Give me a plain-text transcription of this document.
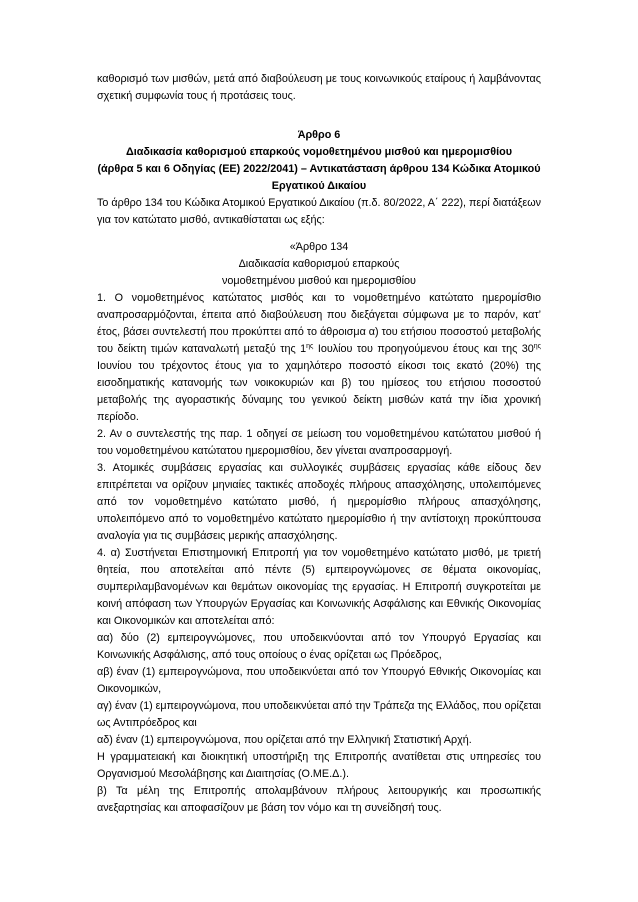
καθορισμό των μισθών, μετά από διαβούλευση με τους κοινωνικούς εταίρους ή λαμβάνοντας
σχετική συμφωνία τους ή προτάσεις τους.
Άρθρο 6
Διαδικασία καθορισμού επαρκούς νομοθετημένου μισθού και ημερομισθίου
(άρθρα 5 και 6 Οδηγίας (ΕΕ) 2022/2041) – Αντικατάσταση άρθρου 134 Κώδικα Ατομικού
Εργατικού Δικαίου
Το άρθρο 134 του Κώδικα Ατομικού Εργατικού Δικαίου (π.δ. 80/2022, Α΄ 222), περί διατάξεων
για τον κατώτατο μισθό, αντικαθίσταται ως εξής:
«Άρθρο 134
Διαδικασία καθορισμού επαρκούς
νομοθετημένου μισθού και ημερομισθίου
1. Ο νομοθετημένος κατώτατος μισθός και το νομοθετημένο κατώτατο ημερομίσθιο
αναπροσαρμόζονται, έπειτα από διαβούλευση που διεξάγεται σύμφωνα με το παρόν, κατ’
έτος, βάσει συντελεστή που προκύπτει από το άθροισμα α) του ετήσιου ποσοστού μεταβολής
του δείκτη τιμών καταναλωτή μεταξύ της $1^{\eta\varsigma}$ Ιουλίου του προηγούμενου έτους και της $30^{\eta\varsigma}$
Ιουνίου του τρέχοντος έτους για το χαμηλότερο ποσοστό είκοσι τοις εκατό (20%) της
εισοδηματικής κατανομής των νοικοκυριών και β) του ημίσεος του ετήσιου ποσοστού
μεταβολής της αγοραστικής δύναμης του γενικού δείκτη μισθών κατά την ίδια χρονική
περίοδο.
2. Αν ο συντελεστής της παρ. 1 οδηγεί σε μείωση του νομοθετημένου κατώτατου μισθού ή
του νομοθετημένου κατώτατου ημερομισθίου, δεν γίνεται αναπροσαρμογή.
3. Ατομικές συμβάσεις εργασίας και συλλογικές συμβάσεις εργασίας κάθε είδους δεν
επιτρέπεται να ορίζουν μηνιαίες τακτικές αποδοχές πλήρους απασχόλησης, υπολειπόμενες
από τον νομοθετημένο κατώτατο μισθό, ή ημερομίσθιο πλήρους απασχόλησης,
υπολειπόμενο από το νομοθετημένο κατώτατο ημερομίσθιο ή την αντίστοιχη προκύπτουσα
αναλογία για τις συμβάσεις μερικής απασχόλησης.
4. α) Συστήνεται Επιστημονική Επιτροπή για τον νομοθετημένο κατώτατο μισθό, με τριετή
θητεία, που αποτελείται από πέντε (5) εμπειρογνώμονες σε θέματα οικονομίας,
συμπεριλαμβανομένων και θεμάτων οικονομίας της εργασίας. Η Επιτροπή συγκροτείται με
κοινή απόφαση των Υπουργών Εργασίας και Κοινωνικής Ασφάλισης και Εθνικής Οικονομίας
και Οικονομικών και αποτελείται από:
αα) δύο (2) εμπειρογνώμονες, που υποδεικνύονται από τον Υπουργό Εργασίας και
Κοινωνικής Ασφάλισης, από τους οποίους ο ένας ορίζεται ως Πρόεδρος,
αβ) έναν (1) εμπειρογνώμονα, που υποδεικνύεται από τον Υπουργό Εθνικής Οικονομίας και
Οικονομικών,
αγ) έναν (1) εμπειρογνώμονα, που υποδεικνύεται από την Τράπεζα της Ελλάδος, που ορίζεται
ως Αντιπρόεδρος και
αδ) έναν (1) εμπειρογνώμονα, που ορίζεται από την Ελληνική Στατιστική Αρχή.
Η γραμματειακή και διοικητική υποστήριξη της Επιτροπής ανατίθεται στις υπηρεσίες του
Οργανισμού Μεσολάβησης και Διαιτησίας (Ο.ΜΕ.Δ.).
β) Τα μέλη της Επιτροπής απολαμβάνουν πλήρους λειτουργικής και προσωπικής
ανεξαρτησίας και αποφασίζουν με βάση τον νόμο και τη συνείδησή τους.
